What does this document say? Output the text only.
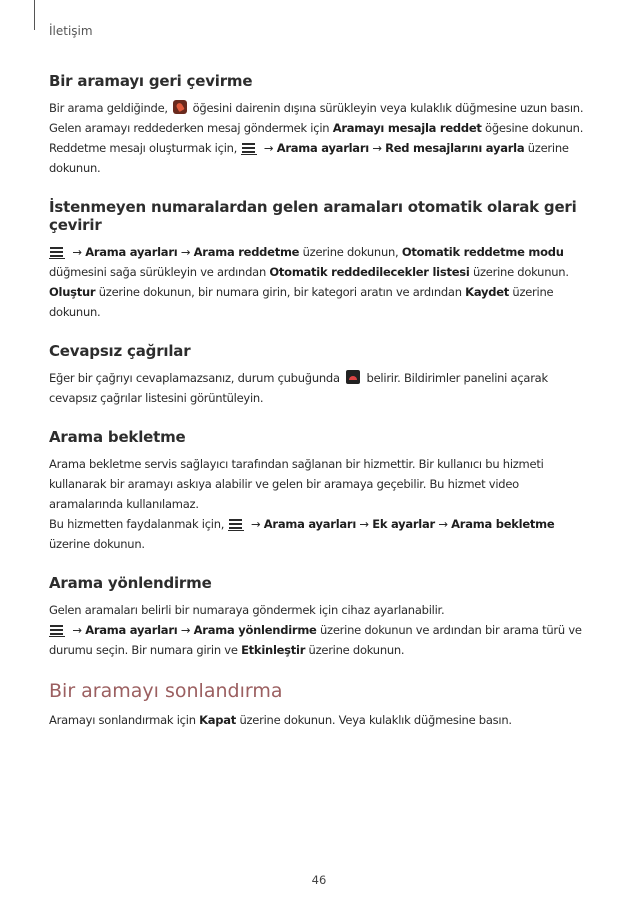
İletişim
Bir aramayı geri çevirme

Bir arama geldiğinde,  öğesini dairenin dışına sürükleyin veya kulaklık düğmesine uzun basın.

Gelen aramayı reddederken mesaj göndermek için Aramayı mesajla reddet öğesine dokunun. Reddetme mesajı oluşturmak için,
→ Arama ayarları → Red mesajlarını ayarla üzerine dokunun.

İstenmeyen numaralardan gelen aramaları otomatik olarak geri çevirir

→ Arama ayarları → Arama reddetme üzerine dokunun, Otomatik reddetme modu düğmesini sağa sürükleyin ve ardından Otomatik reddedilecekler listesi üzerine dokunun. Oluştur üzerine dokunun, bir numara girin, bir kategori aratın ve ardından Kaydet üzerine dokunun.

Cevapsız çağrılar

Eğer bir çağrıyı cevaplamazsanız, durum çubuğunda  belirir. Bildirimler panelini açarak cevapsız çağrılar listesini görüntüleyin.

Arama bekletme

Arama bekletme servis sağlayıcı tarafından sağlanan bir hizmettir. Bir kullanıcı bu hizmeti kullanarak bir aramayı askıya alabilir ve gelen bir aramaya geçebilir. Bu hizmet video aramalarında kullanılamaz.

Bu hizmetten faydalanmak için,
→ Arama ayarları → Ek ayarlar → Arama bekletme üzerine dokunun.

Arama yönlendirme

Gelen aramaları belirli bir numaraya göndermek için cihaz ayarlanabilir.

→ Arama ayarları → Arama yönlendirme üzerine dokunun ve ardından bir arama türü ve durumu seçin. Bir numara girin ve Etkinleştir üzerine dokunun.

Bir aramayı sonlandırma

Aramayı sonlandırmak için Kapat üzerine dokunun. Veya kulaklık düğmesine basın.

46
